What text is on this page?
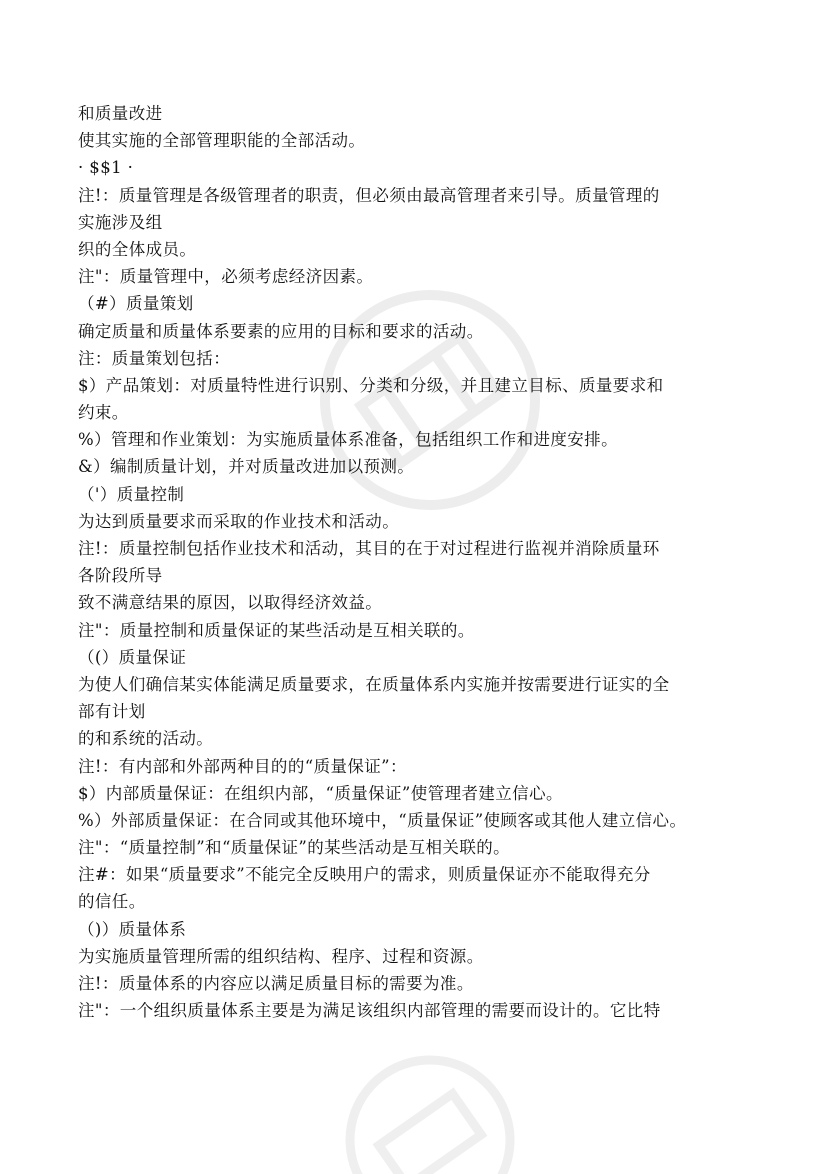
和质量改进
使其实施的全部管理职能的全部活动。
· $$1 ·
注!：质量管理是各级管理者的职责，但必须由最高管理者来引导。质量管理的
实施涉及组
织的全体成员。
注"：质量管理中，必须考虑经济因素。
（#）质量策划
确定质量和质量体系要素的应用的目标和要求的活动。
注：质量策划包括：
$）产品策划：对质量特性进行识别、分类和分级，并且建立目标、质量要求和
约束。
%）管理和作业策划：为实施质量体系准备，包括组织工作和进度安排。
&）编制质量计划，并对质量改进加以预测。
（'）质量控制
为达到质量要求而采取的作业技术和活动。
注!：质量控制包括作业技术和活动，其目的在于对过程进行监视并消除质量环
各阶段所导
致不满意结果的原因，以取得经济效益。
注"：质量控制和质量保证的某些活动是互相关联的。
（(）质量保证
为使人们确信某实体能满足质量要求，在质量体系内实施并按需要进行证实的全
部有计划
的和系统的活动。
注!：有内部和外部两种目的的“质量保证”：
$）内部质量保证：在组织内部，“质量保证”使管理者建立信心。
%）外部质量保证：在合同或其他环境中，“质量保证”使顾客或其他人建立信心。
注"：“质量控制”和“质量保证”的某些活动是互相关联的。
注#：如果“质量要求”不能完全反映用户的需求，则质量保证亦不能取得充分
的信任。
（)）质量体系
为实施质量管理所需的组织结构、程序、过程和资源。
注!：质量体系的内容应以满足质量目标的需要为准。
注"：一个组织质量体系主要是为满足该组织内部管理的需要而设计的。它比特
